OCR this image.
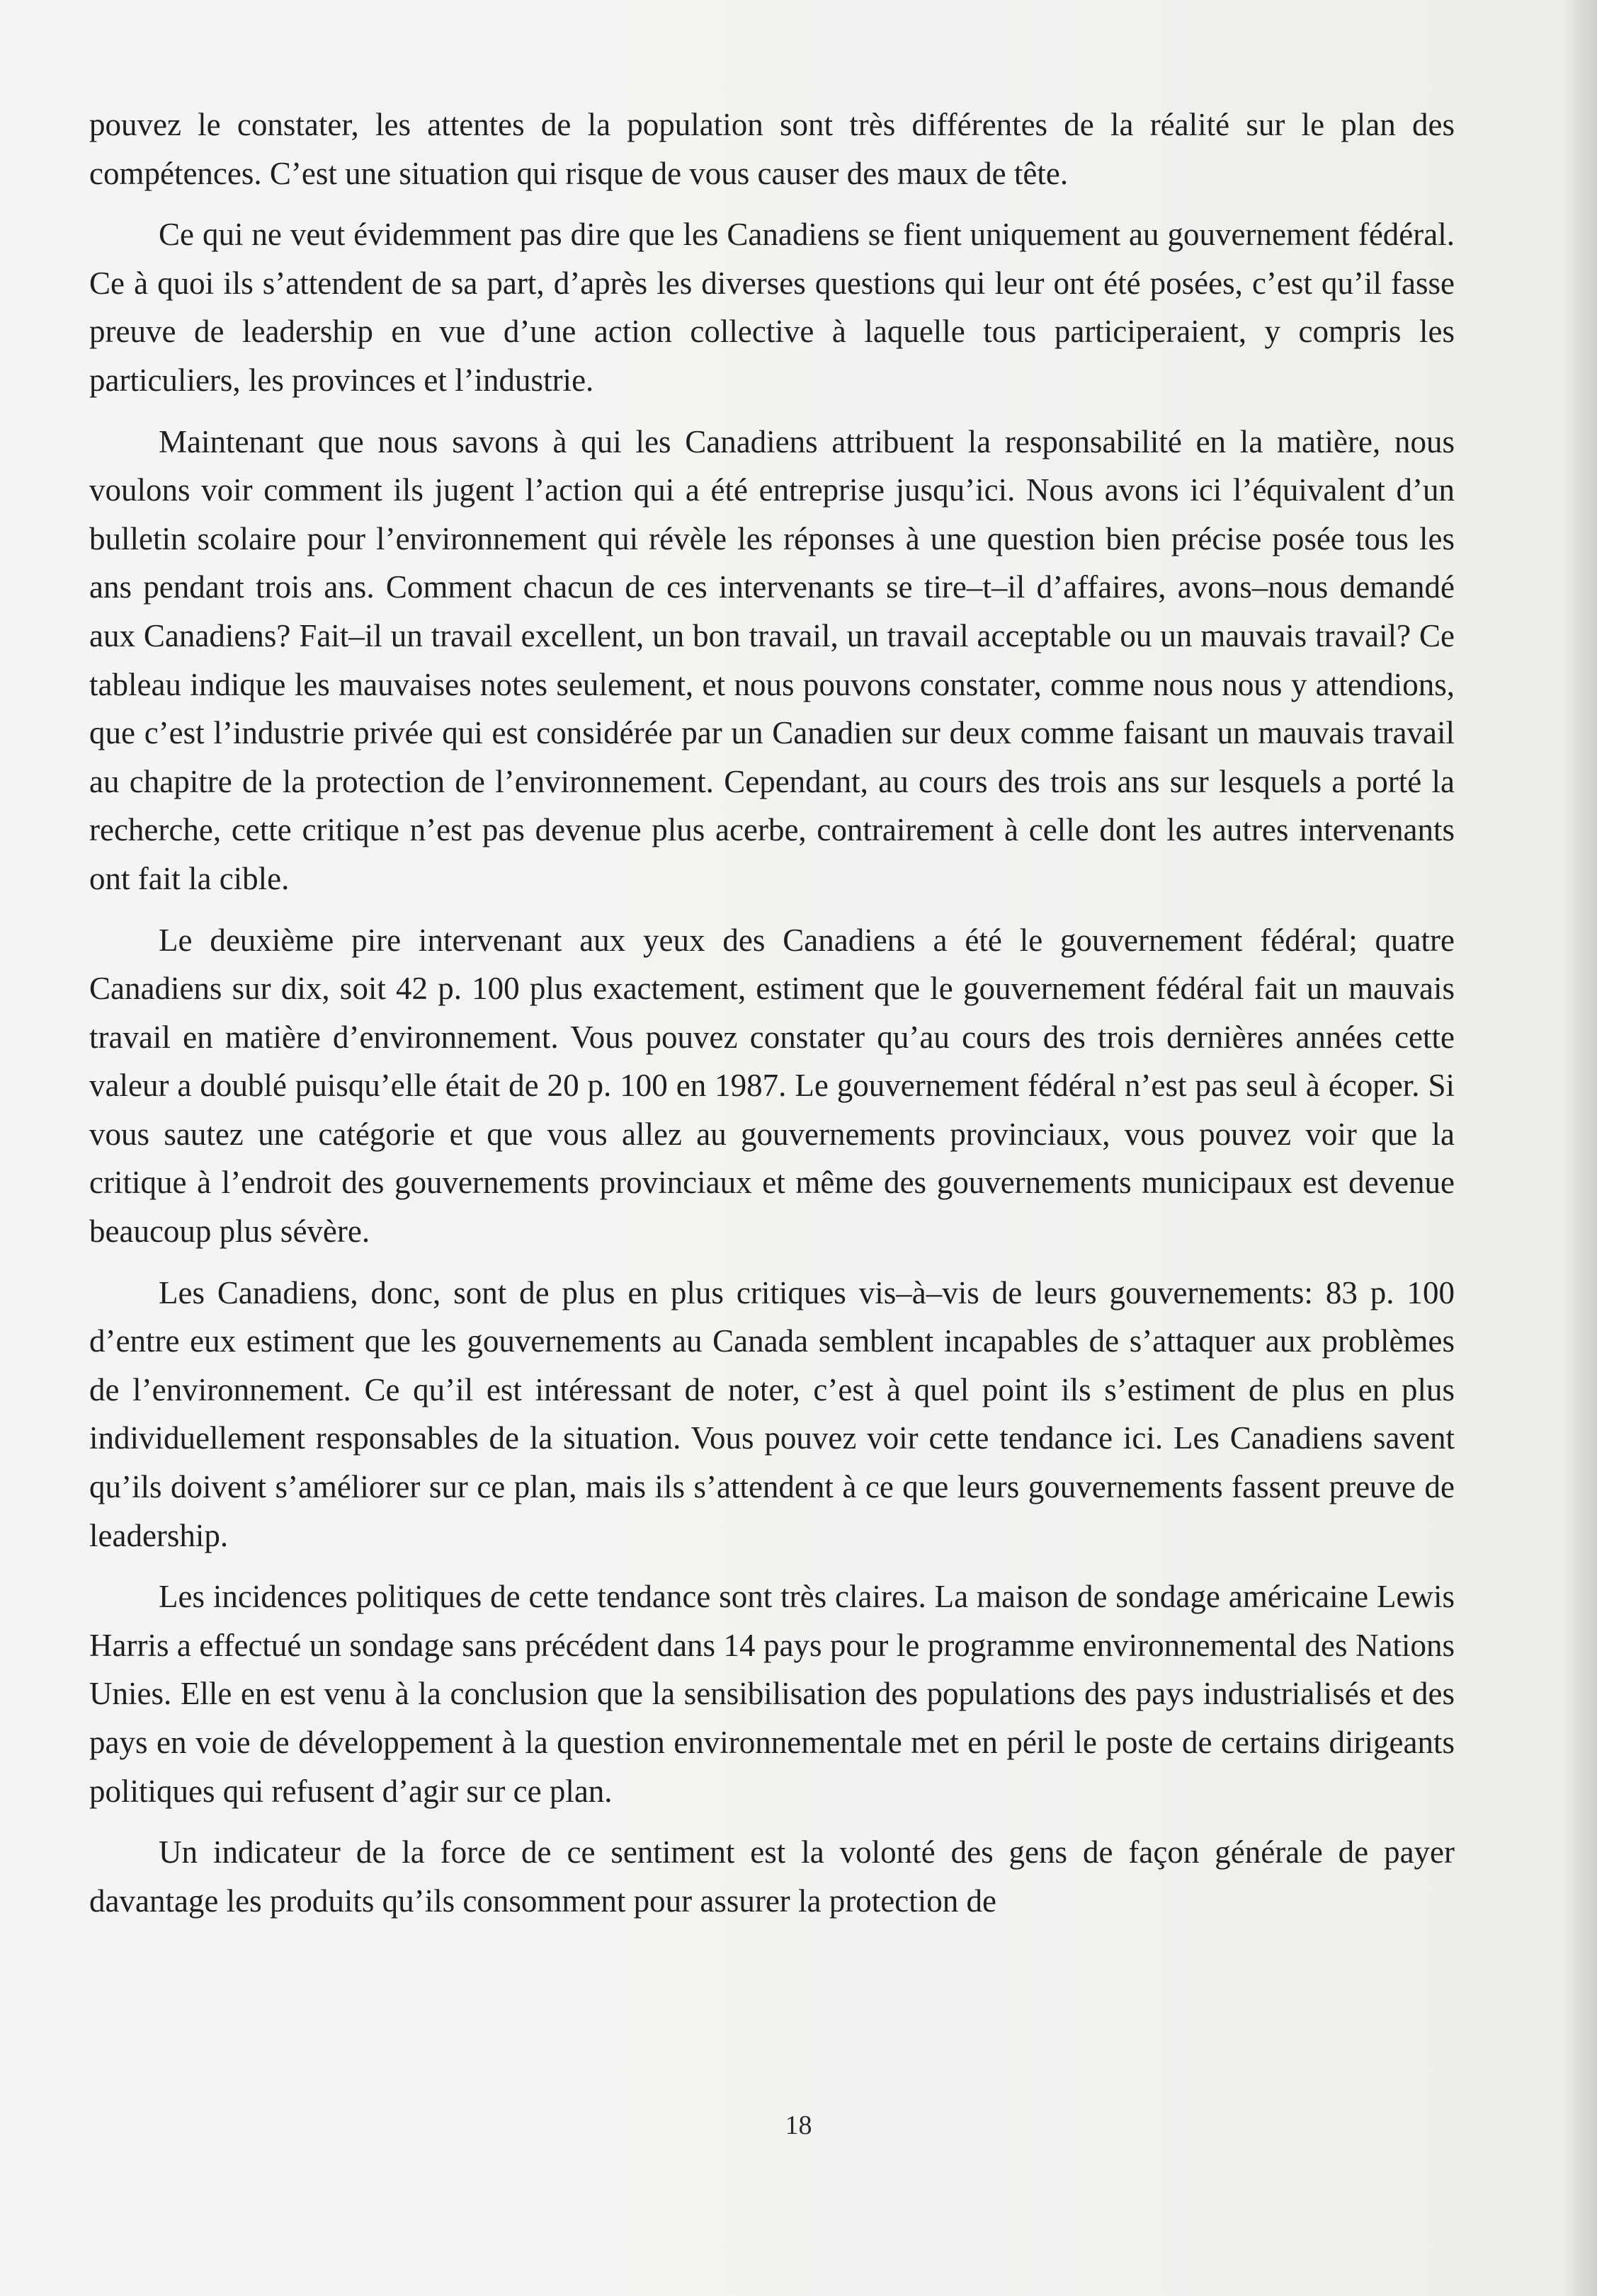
pouvez le constater, les attentes de la population sont très différentes de la réalité sur le plan des compétences. C’est une situation qui risque de vous causer des maux de tête.

Ce qui ne veut évidemment pas dire que les Canadiens se fient uniquement au gouvernement fédéral. Ce à quoi ils s’attendent de sa part, d’après les diverses questions qui leur ont été posées, c’est qu’il fasse preuve de leadership en vue d’une action collective à laquelle tous participeraient, y compris les particuliers, les provinces et l’industrie.

Maintenant que nous savons à qui les Canadiens attribuent la responsabilité en la matière, nous voulons voir comment ils jugent l’action qui a été entreprise jusqu’ici. Nous avons ici l’équivalent d’un bulletin scolaire pour l’environnement qui révèle les réponses à une question bien précise posée tous les ans pendant trois ans. Comment chacun de ces intervenants se tire–t–il d’affaires, avons–nous demandé aux Canadiens? Fait–il un travail excellent, un bon travail, un travail acceptable ou un mauvais travail? Ce tableau indique les mauvaises notes seulement, et nous pouvons constater, comme nous nous y attendions, que c’est l’industrie privée qui est considérée par un Canadien sur deux comme faisant un mauvais travail au chapitre de la protection de l’environnement. Cependant, au cours des trois ans sur lesquels a porté la recherche, cette critique n’est pas devenue plus acerbe, contrairement à celle dont les autres intervenants ont fait la cible.

Le deuxième pire intervenant aux yeux des Canadiens a été le gouvernement fédéral; quatre Canadiens sur dix, soit 42 p. 100 plus exactement, estiment que le gouvernement fédéral fait un mauvais travail en matière d’environnement. Vous pouvez constater qu’au cours des trois dernières années cette valeur a doublé puisqu’elle était de 20 p. 100 en 1987. Le gouvernement fédéral n’est pas seul à écoper. Si vous sautez une catégorie et que vous allez au gouvernements provinciaux, vous pouvez voir que la critique à l’endroit des gouvernements provinciaux et même des gouvernements municipaux est devenue beaucoup plus sévère.

Les Canadiens, donc, sont de plus en plus critiques vis–à–vis de leurs gouvernements: 83 p. 100 d’entre eux estiment que les gouvernements au Canada semblent incapables de s’attaquer aux problèmes de l’environnement. Ce qu’il est intéressant de noter, c’est à quel point ils s’estiment de plus en plus individuellement responsables de la situation. Vous pouvez voir cette tendance ici. Les Canadiens savent qu’ils doivent s’améliorer sur ce plan, mais ils s’attendent à ce que leurs gouvernements fassent preuve de leadership.

Les incidences politiques de cette tendance sont très claires. La maison de sondage américaine Lewis Harris a effectué un sondage sans précédent dans 14 pays pour le programme environnemental des Nations Unies. Elle en est venu à la conclusion que la sensibilisation des populations des pays industrialisés et des pays en voie de développement à la question environnementale met en péril le poste de certains dirigeants politiques qui refusent d’agir sur ce plan.

Un indicateur de la force de ce sentiment est la volonté des gens de façon générale de payer davantage les produits qu’ils consomment pour assurer la protection de

18
